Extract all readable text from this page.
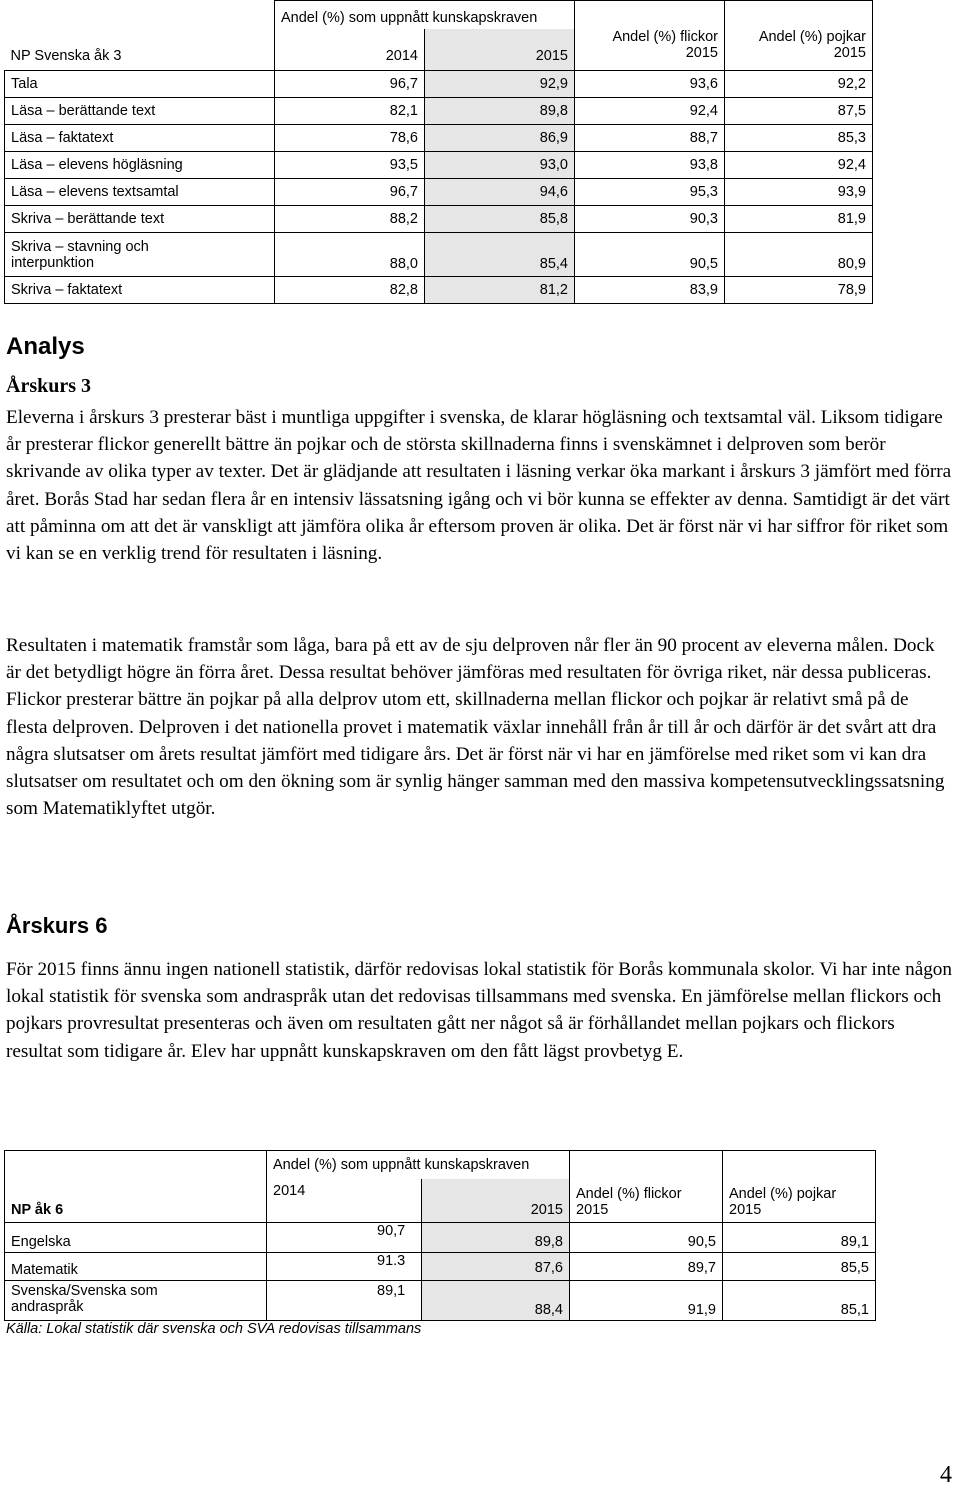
NP Svenska åk 3	Andel (%) som uppnått kunskapskraven			
	2014	2015	Andel (%) flickor 2015	Andel (%) pojkar 2015
Tala	96,7	92,9	93,6	92,2
Läsa – berättande text	82,1	89,8	92,4	87,5
Läsa – faktatext	78,6	86,9	88,7	85,3
Läsa – elevens högläsning	93,5	93,0	93,8	92,4
Läsa – elevens textsamtal	96,7	94,6	95,3	93,9
Skriva – berättande text	88,2	85,8	90,3	81,9

Skriva – stavning och interpunktion	88,0	85,4	90,5	80,9
Skriva – faktatext	82,8	81,2	83,9	78,9
Analys
Årskurs 3

Eleverna i årskurs 3 presterar bäst i muntliga uppgifter i svenska, de klarar högläsning och textsamtal väl. Liksom tidigare år presterar flickor generellt bättre än pojkar och de största skillnaderna finns i svenskämnet i delproven som berör skrivande av olika typer av texter. Det är glädjande att resultaten i läsning verkar öka markant i årskurs 3 jämfört med förra året. Borås Stad har sedan flera år en intensiv lässatsning igång och vi bör kunna se effekter av denna. Samtidigt är det värt att påminna om att det är vanskligt att jämföra olika år eftersom proven är olika. Det är först när vi har siffror för riket som vi kan se en verklig trend för resultaten i läsning.

Resultaten i matematik framstår som låga, bara på ett av de sju delproven når fler än 90 procent av eleverna målen. Dock är det betydligt högre än förra året. Dessa resultat behöver jämföras med resultaten för övriga riket, när dessa publiceras. Flickor presterar bättre än pojkar på alla delprov utom ett, skillnaderna mellan flickor och pojkar är relativt små på de flesta delproven. Delproven i det nationella provet i matematik växlar innehåll från år till år och därför är det svårt att dra några slutsatser om årets resultat jämfört med tidigare års. Det är först när vi har en jämförelse med riket som vi kan dra slutsatser om resultatet och om den ökning som är synlig hänger samman med den massiva kompetensutvecklingssatsning som Matematiklyftet utgör.

Årskurs 6

För 2015 finns ännu ingen nationell statistik, därför redovisas lokal statistik för Borås kommunala skolor. Vi har inte någon lokal statistik för svenska som andraspråk utan det redovisas tillsammans med svenska. En jämförelse mellan flickors och pojkars provresultat presenteras och även om resultaten gått ner något så är förhållandet mellan pojkars och flickors resultat som tidigare år. Elev har uppnått kunskapskraven om den fått lägst provbetyg E.

NP åk 6	Andel (%) som uppnått kunskapskraven			
	2014	2015	Andel (%) flickor 2015	Andel (%) pojkar 2015

Engelska	90,7	89,8	90,5	89,1
Matematik	91.3	87,6	89,7	85,5

Svenska/Svenska som andraspråk	89,1	88,4	91,9	85,1
Källa: Lokal statistik där svenska och SVA redovisas tillsammans
4
